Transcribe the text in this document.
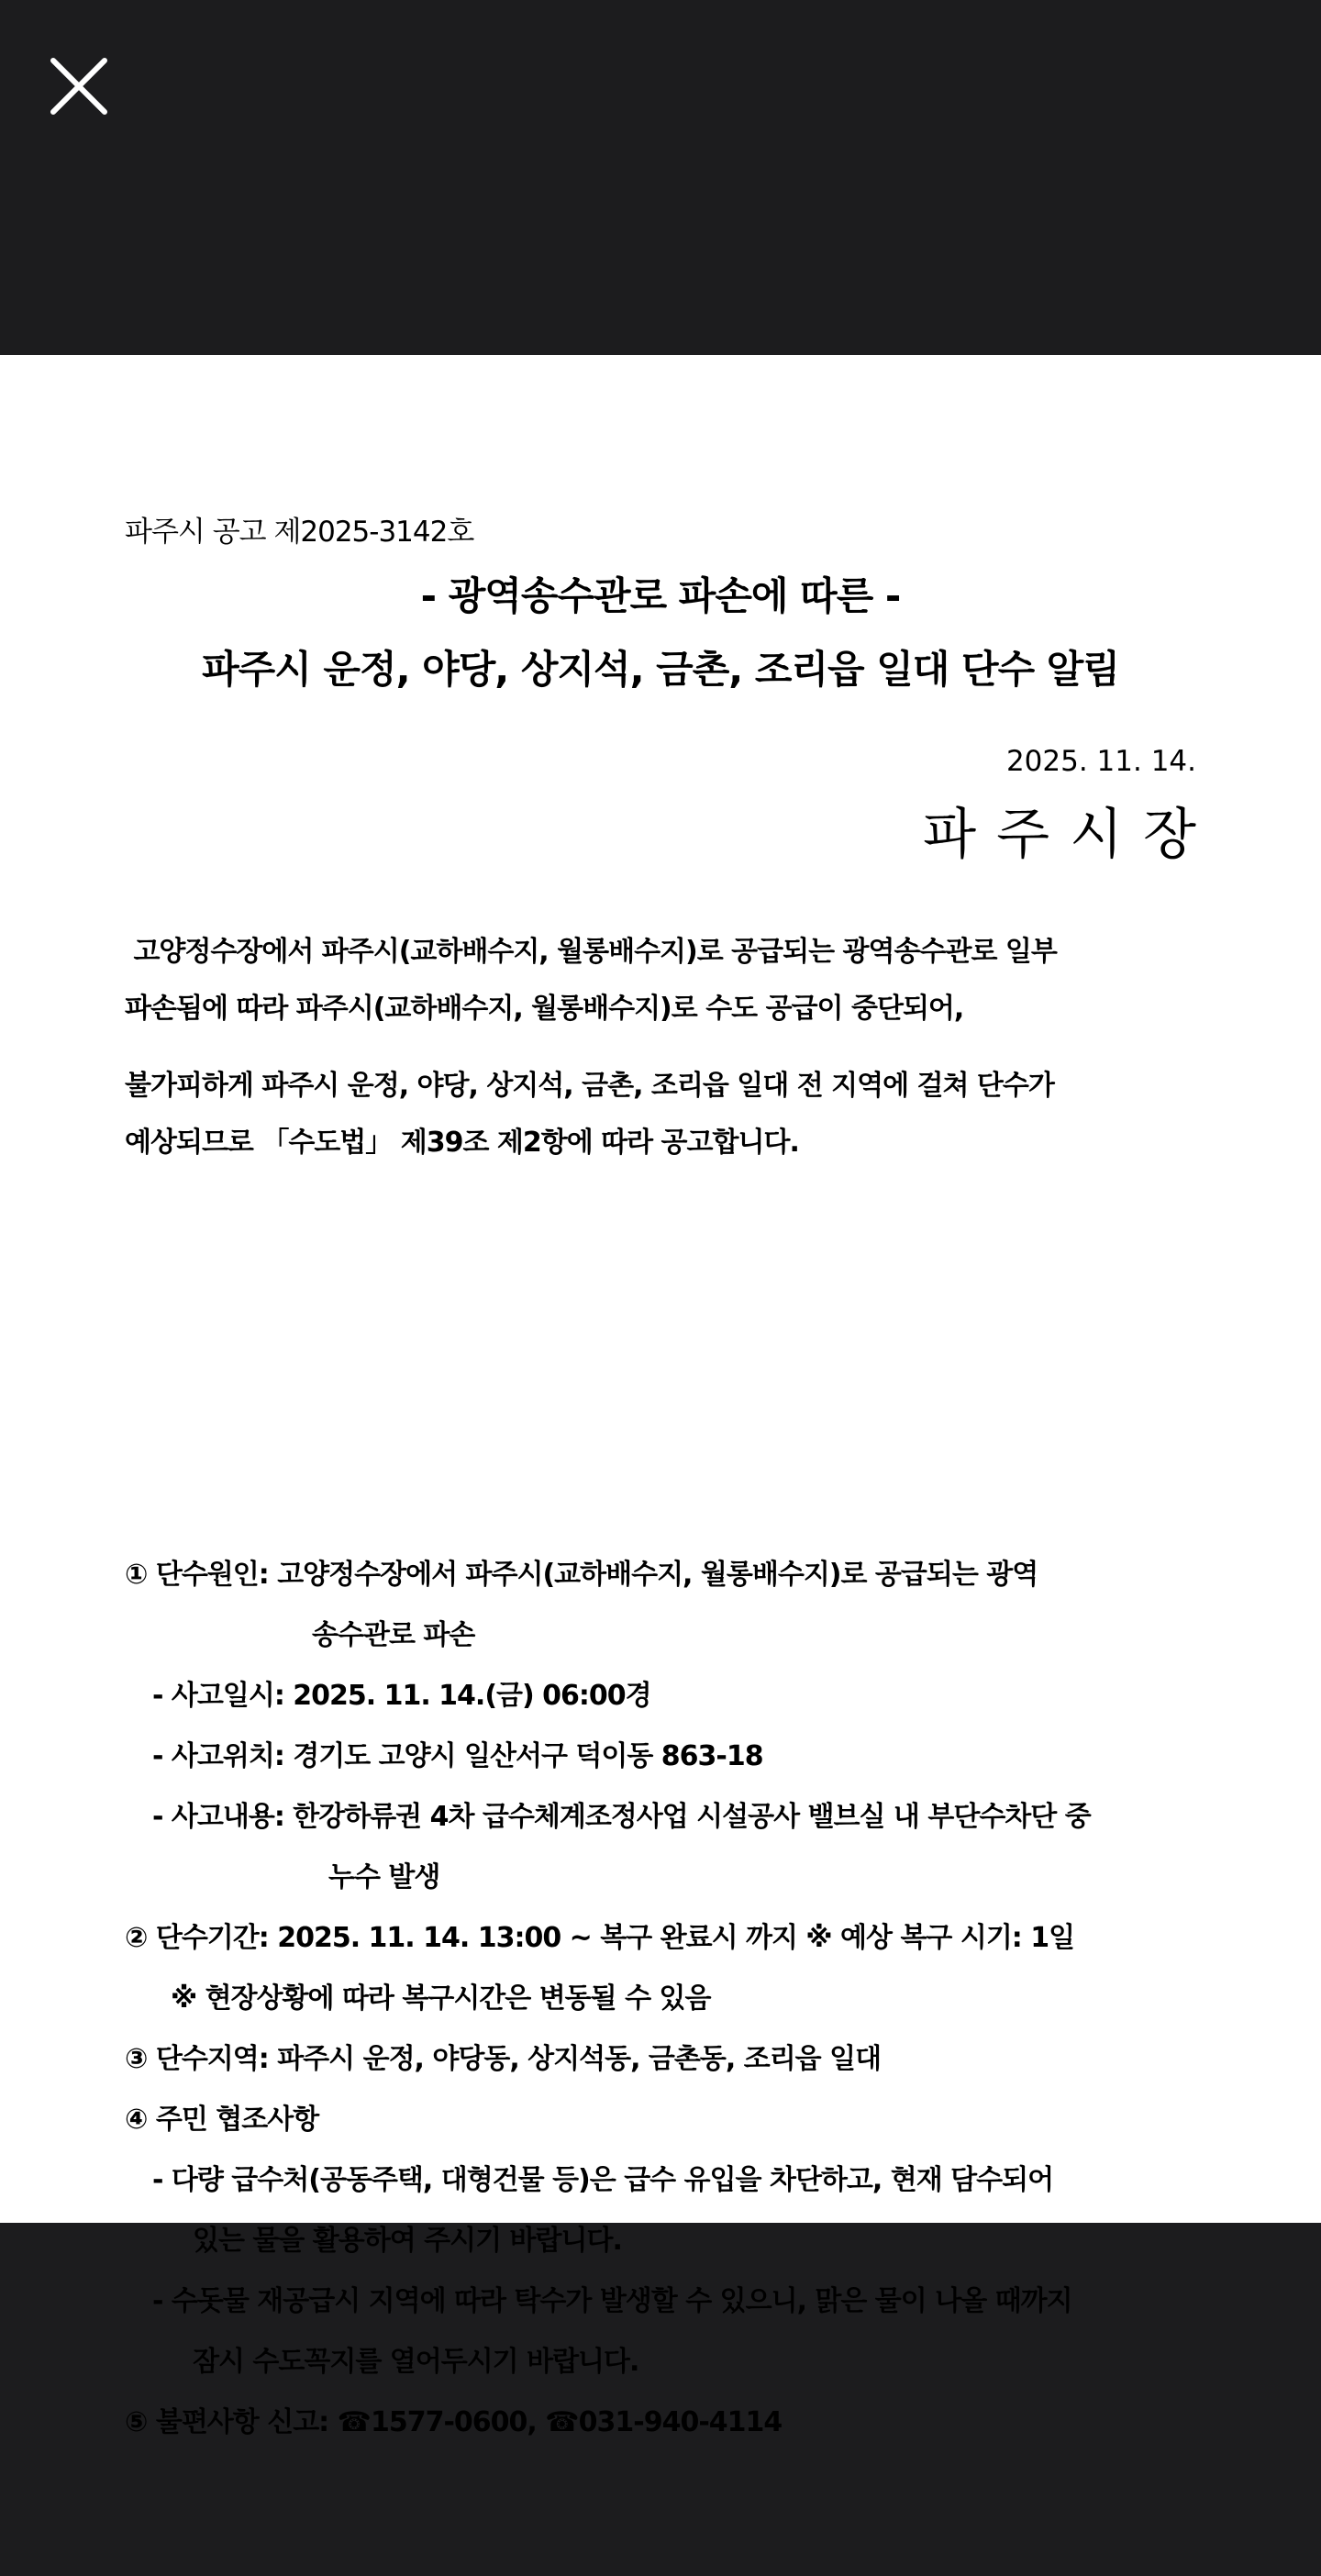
파주시 공고 제2025-3142호
- 광역송수관로 파손에 따른 -
파주시 운정, 야당, 상지석, 금촌, 조리읍 일대 단수 알림
2025. 11. 14.
파주시장
고양정수장에서 파주시(교하배수지, 월롱배수지)로 공급되는 광역송수관로 일부
파손됨에 따라 파주시(교하배수지, 월롱배수지)로 수도 공급이 중단되어,
불가피하게 파주시 운정, 야당, 상지석, 금촌, 조리읍 일대 전 지역에 걸쳐 단수가
예상되므로 「수도법」 제39조 제2항에 따라 공고합니다.
① 단수원인: 고양정수장에서 파주시(교하배수지, 월롱배수지)로 공급되는 광역
송수관로 파손
- 사고일시: 2025. 11. 14.(금) 06:00경
- 사고위치: 경기도 고양시 일산서구 덕이동 863-18
- 사고내용: 한강하류권 4차 급수체계조정사업 시설공사 밸브실 내 부단수차단 중
누수 발생
② 단수기간: 2025. 11. 14. 13:00 ~ 복구 완료시 까지 ※ 예상 복구 시기: 1일
※ 현장상황에 따라 복구시간은 변동될 수 있음
③ 단수지역: 파주시 운정, 야당동, 상지석동, 금촌동, 조리읍 일대
④ 주민 협조사항
- 다량 급수처(공동주택, 대형건물 등)은 급수 유입을 차단하고, 현재 담수되어
있는 물을 활용하여 주시기 바랍니다.
- 수돗물 재공급시 지역에 따라 탁수가 발생할 수 있으니, 맑은 물이 나올 때까지
잠시 수도꼭지를 열어두시기 바랍니다.
⑤ 불편사항 신고: ☎1577-0600, ☎031-940-4114
